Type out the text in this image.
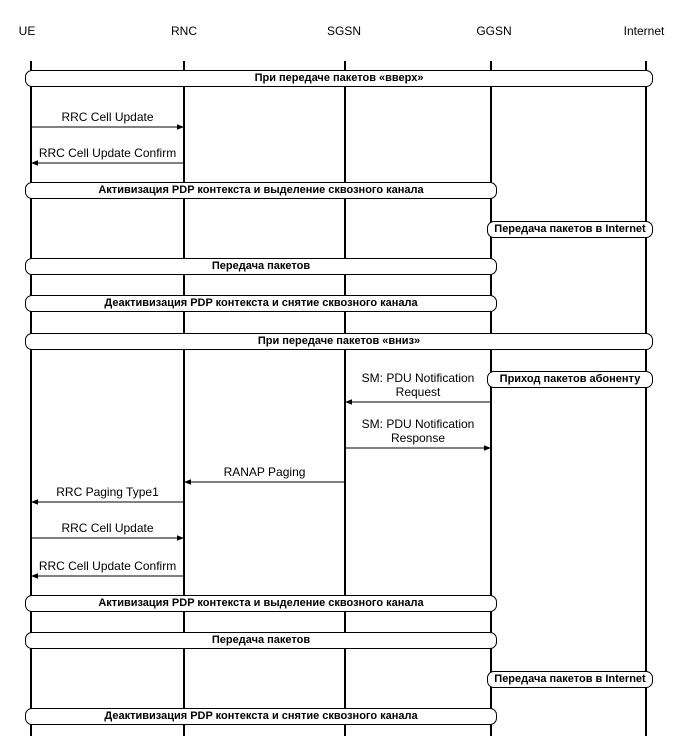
UE	RNC	SGSN	GGSN	Internet
При передаче пакетов «вверх»
RRC Cell Update
RRC Cell Update Confirm
Активизация PDP контекста и выделение сквозного канала
Передача пакетов в Internet
Передача пакетов
Деактивизация PDP контекста и снятие сквозного канала
При передаче пакетов «вниз»
Приход пакетов абоненту
SM: PDU Notification
Request
SM: PDU Notification
Response
RANAP Paging
RRC Paging Type1
RRC Cell Update
RRC Cell Update Confirm
Активизация PDP контекста и выделение сквозного канала
Передача пакетов
Передача пакетов в Internet
Деактивизация PDP контекста и снятие сквозного канала
